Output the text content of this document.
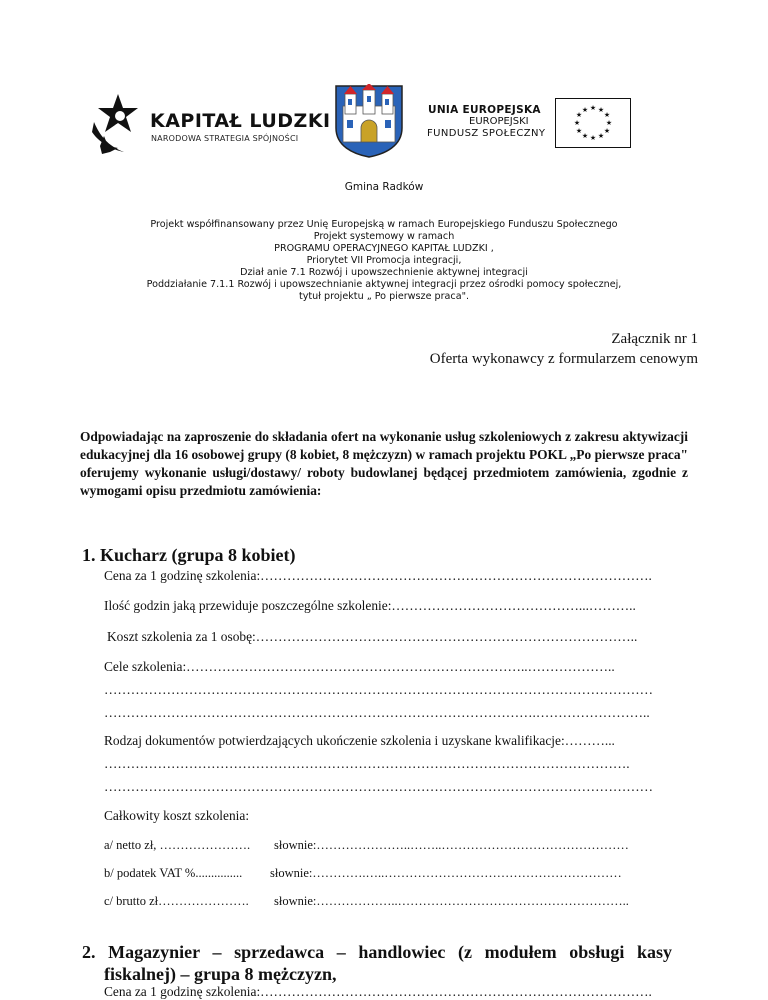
KAPITAŁ LUDZKI
NARODOWA STRATEGIA SPÓJNOŚCI
UNIA EUROPEJSKA
EUROPEJSKI
FUNDUSZ SPOŁECZNY
★ ★
★
★
★
★
★
★
★
★
★
★
Gmina Radków
Projekt współfinansowany przez Unię Europejską w ramach Europejskiego Funduszu Społecznego
Projekt systemowy w ramach
PROGRAMU OPERACYJNEGO KAPITAŁ LUDZKI ,
Priorytet VII Promocja integracji,
Dział anie 7.1 Rozwój i upowszechnienie aktywnej integracji
Poddziałanie 7.1.1 Rozwój i upowszechnianie aktywnej integracji przez ośrodki pomocy społecznej,
tytuł projektu „ Po pierwsze praca".
Załącznik nr 1
Oferta wykonawcy z formularzem cenowym
Odpowiadając na zaproszenie do składania ofert na wykonanie usług szkoleniowych z zakresu aktywizacji edukacyjnej dla 16 osobowej grupy (8 kobiet, 8 mężczyzn) w ramach projektu POKL „Po pierwsze praca" oferujemy wykonanie usługi/dostawy/ roboty budowlanej będącej przedmiotem zamówienia, zgodnie z wymogami opisu przedmiotu zamówienia:
1. Kucharz (grupa 8 kobiet)
Cena za 1 godzinę szkolenia:…………………………………………………………………………….
Ilość godzin jaką przewiduje poszczególne szkolenie:……………………………………...………..
Koszt szkolenia za 1 osobę:…………………………………………………………………………..
Cele szkolenia:…………………………………………………………………..………………..
……………………………………………………………………………………………………………
…………………………………………………………………………………….……………………..
Rodzaj dokumentów potwierdzających ukończenie szkolenia i uzyskane kwalifikacje:………...
……………………………………………………………………………………………………….
……………………………………………………………………………………………………………
Całkowity koszt szkolenia:
a/ netto zł, …………………. słownie:…………………..……..………………………………………
b/ podatek VAT %............... słownie:………….…..…………………………………………………
c/ brutto zł…………………. słownie:………………..………………………………………………..
2. Magazynier – sprzedawca – handlowiec (z modułem obsługi kasy
fiskalnej) – grupa 8 mężczyzn,
Cena za 1 godzinę szkolenia:…………………………………………………………………………….
